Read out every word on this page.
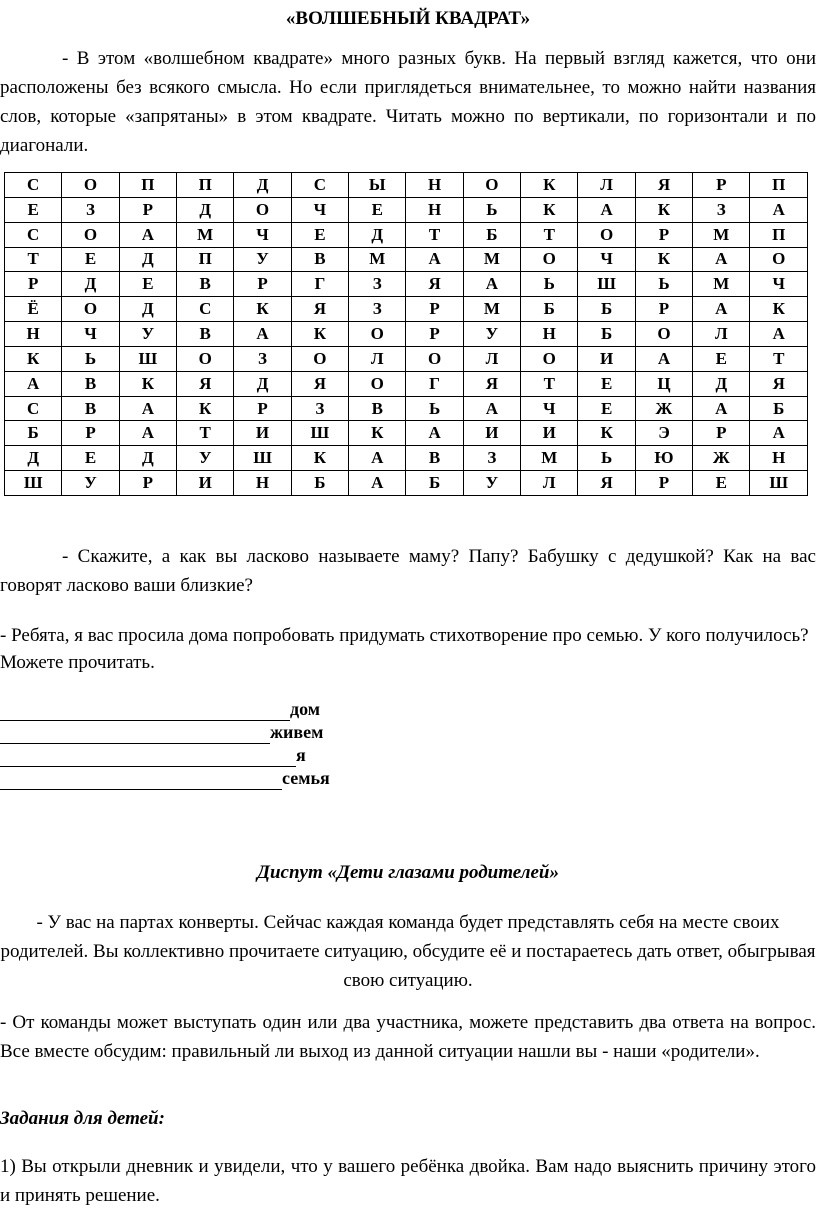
«ВОЛШЕБНЫЙ КВАДРАТ»
- В этом «волшебном квадрате» много разных букв. На первый взгляд кажется, что они расположены без всякого смысла. Но если приглядеться внимательнее, то можно найти названия слов, которые «запрятаны» в этом квадрате. Читать можно по вертикали, по горизонтали и по диагонали.
С	О	П	П	Д	С	Ы	Н	О	К	Л	Я	Р	П
Е	З	Р	Д	О	Ч	Е	Н	Ь	К	А	К	З	А
С	О	А	М	Ч	Е	Д	Т	Б	Т	О	Р	М	П
Т	Е	Д	П	У	В	М	А	М	О	Ч	К	А	О
Р	Д	Е	В	Р	Г	З	Я	А	Ь	Ш	Ь	М	Ч
Ё	О	Д	С	К	Я	З	Р	М	Б	Б	Р	А	К
Н	Ч	У	В	А	К	О	Р	У	Н	Б	О	Л	А
К	Ь	Ш	О	З	О	Л	О	Л	О	И	А	Е	Т
А	В	К	Я	Д	Я	О	Г	Я	Т	Е	Ц	Д	Я
С	В	А	К	Р	З	В	Ь	А	Ч	Е	Ж	А	Б
Б	Р	А	Т	И	Ш	К	А	И	И	К	Э	Р	А
Д	Е	Д	У	Ш	К	А	В	З	М	Ь	Ю	Ж	Н
Ш	У	Р	И	Н	Б	А	Б	У	Л	Я	Р	Е	Ш
- Скажите, а как вы ласково называете маму? Папу? Бабушку с дедушкой? Как на вас говорят ласково ваши близкие?
- Ребята, я вас просила дома попробовать придумать стихотворение про семью. У кого получилось? Можете прочитать.
дом
живем
я
семья
Диспут «Дети глазами родителей»
- У вас на партах конверты. Сейчас каждая команда будет представлять себя на месте своих родителей. Вы коллективно прочитаете ситуацию, обсудите её и постараетесь дать ответ, обыгрывая свою ситуацию.
- От команды может выступать один или два участника, можете представить два ответа на вопрос. Все вместе обсудим: правильный ли выход из данной ситуации нашли вы - наши «родители».
Задания для детей:
1) Вы открыли дневник и увидели, что у вашего ребёнка двойка. Вам надо выяснить причину этого и принять решение.
